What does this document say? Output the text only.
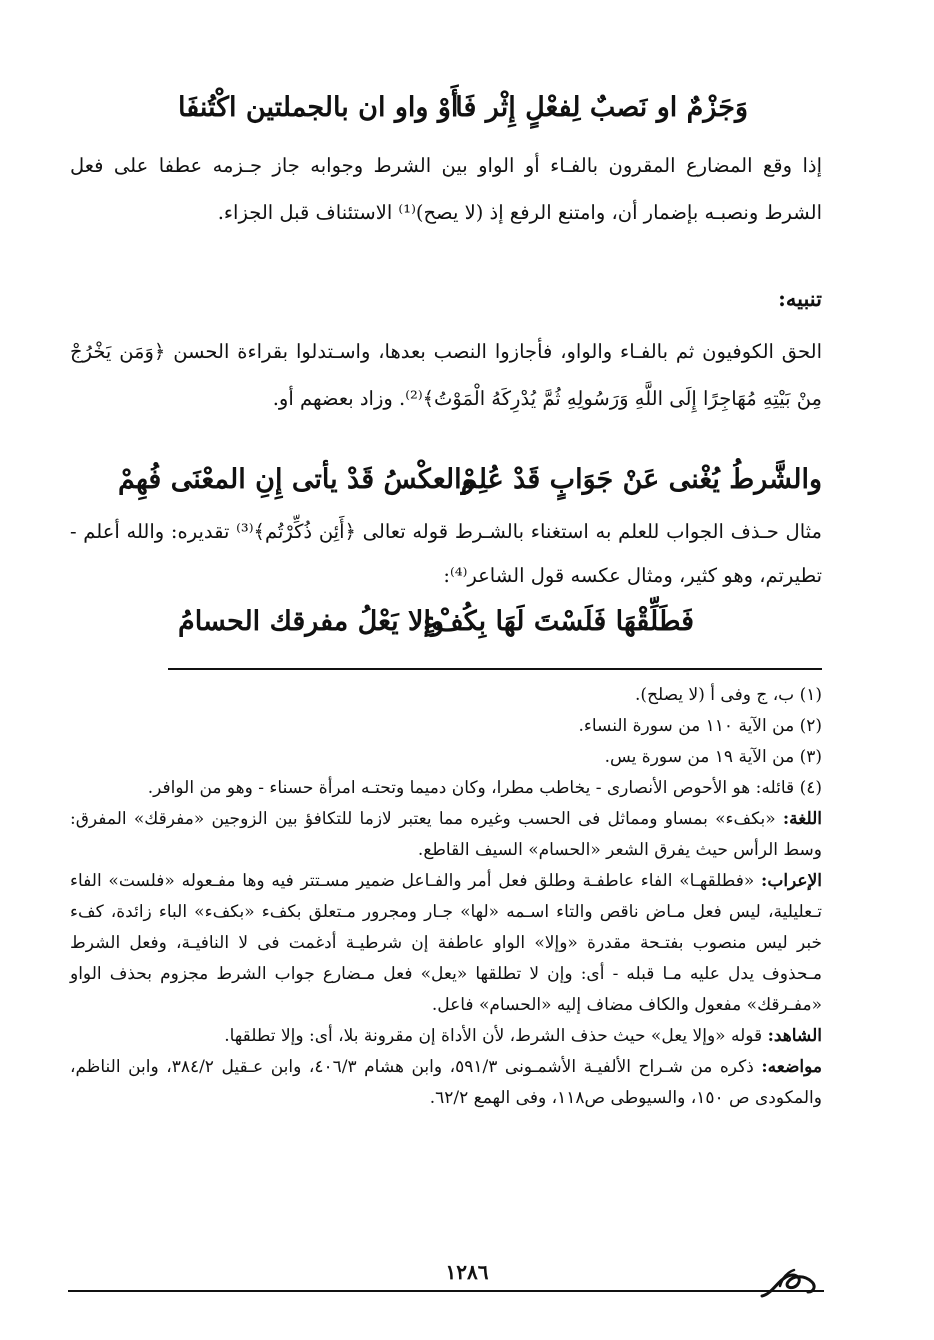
وَجَزْمٌ او نَصبٌ لِفعْلٍ إِثْر فَا
أَوْ واو ان بالجملتين اكْتُنفَا
إذا وقع المضارع المقرون بالفـاء أو الواو بين الشرط وجوابه جاز جـزمه عطفا على فعل الشرط ونصبـه بإضمار أن، وامتنع الرفع إذ (لا يصح)⁽¹⁾ الاستئناف قبل الجزاء.
تنبيه:
الحق الكوفيون ثم بالفـاء والواو، فأجازوا النصب بعدها، واسـتدلوا بقراءة الحسن ﴿وَمَن يَخْرُجْ مِنْ بَيْتِهِ مُهَاجِرًا إِلَى اللَّهِ وَرَسُولِهِ ثُمَّ يُدْرِكَهُ الْمَوْتُ﴾⁽²⁾. وزاد بعضهم أو.
والشَّرطُ يُغْنى عَنْ جَوَابٍ قَدْ عُلِمْ
والعكْسُ قَدْ يأتى إِنِ المعْنَى فُهِمْ
مثال حـذف الجواب للعلم به استغناء بالشـرط قوله تعالى ﴿أَئِن ذُكِّرْتُم﴾⁽³⁾ تقديره: والله أعلم - تطيرتم، وهو كثير، ومثال عكسه قول الشاعر⁽⁴⁾:
فَطَلِّقْهَا فَلَسْتَ لَهَا بِكُفْءٍ
وإلا يَعْلُ مفرقك الحسامُ
(١) ب، ج وفى أ (لا يصلح).
(٢) من الآية ١١٠ من سورة النساء.
(٣) من الآية ١٩ من سورة يس.
(٤) قائله: هو الأحوص الأنصارى - يخاطب مطرا، وكان دميما وتحتـه امرأة حسناء - وهو من الوافر.
اللغة: «بكفء» بمساو ومماثل فى الحسب وغيره مما يعتبر لازما للتكافؤ بين الزوجين «مفرقك» المفرق: وسط الرأس حيث يفرق الشعر «الحسام» السيف القاطع.
الإعراب: «فطلقهـا» الفاء عاطفـة وطلق فعل أمر والفـاعل ضمير مسـتتر فيه وها مفـعوله «فلست» الفاء تـعليلية، ليس فعل مـاض ناقص والتاء اسـمه «لها» جـار ومجرور مـتعلق بكفء «بكفء» الباء زائدة، كفء خبر ليس منصوب بفتـحة مقدرة «وإلا» الواو عاطفة إن شرطيـة أدغمت فى لا النافيـة، وفعل الشرط مـحذوف يدل عليه مـا قبله - أى: وإن لا تطلقها «يعل» فعل مـضارع جواب الشرط مجزوم بحذف الواو «مفـرقك» مفعول والكاف مضاف إليه «الحسام» فاعل.
الشاهد: قوله «وإلا يعل» حيث حذف الشرط، لأن الأداة إن مقرونة بلا، أى: وإلا تطلقها.
مواضعه: ذكره من شـراح الألفيـة الأشمـونى ٥٩١/٣، وابن هشام ٤٠٦/٣، وابن عـقيل ٣٨٤/٢، وابن الناظم، والمكودى ص ١٥٠، والسيوطى ص١١٨، وفى الهمع ٦٢/٢.
١٢٨٦
